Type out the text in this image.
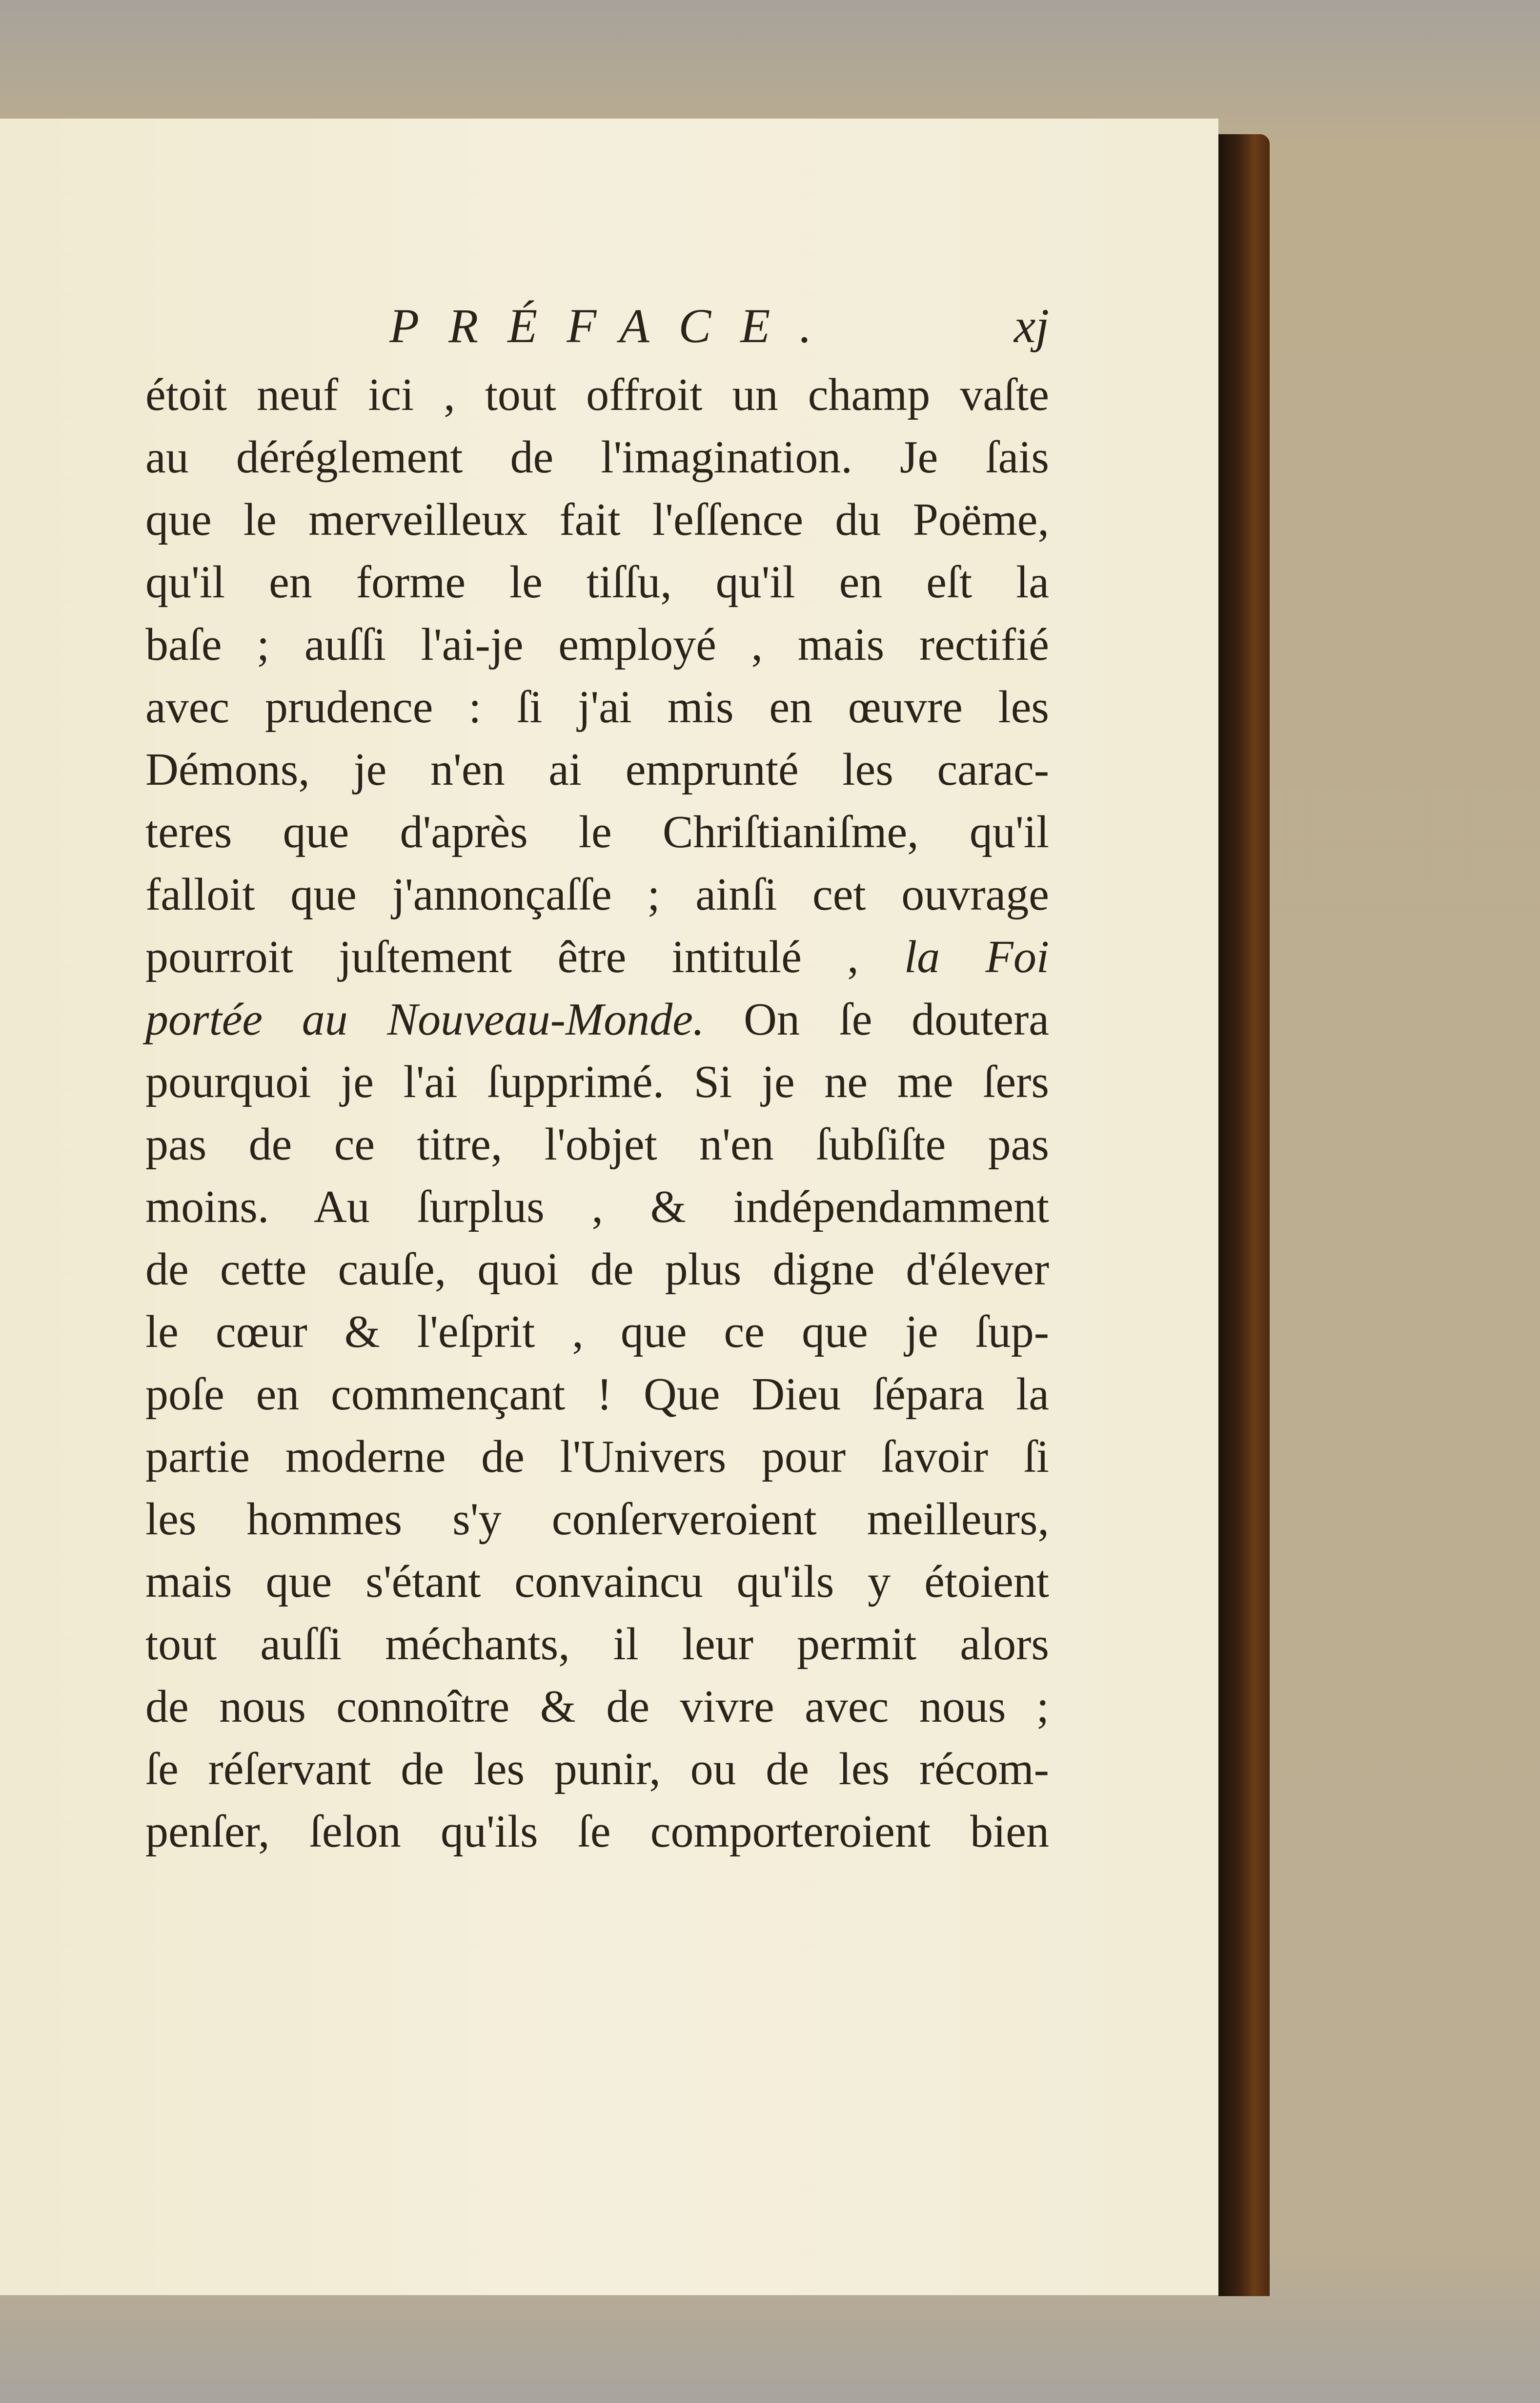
PRÉFACE.	xj
étoit neuf ici , tout offroit un champ vaſte
au déréglement de l'imagination. Je ſais
que le merveilleux fait l'eſſence du Poëme,
qu'il en forme le tiſſu, qu'il en eſt la
baſe ; auſſi l'ai-je employé , mais rectifié
avec prudence : ſi j'ai mis en œuvre les
Démons, je n'en ai emprunté les carac-
teres que d'après le Chriſtianiſme, qu'il
falloit que j'annonçaſſe ; ainſi cet ouvrage
pourroit juſtement être intitulé , la Foi
portée au Nouveau-Monde. On ſe doutera
pourquoi je l'ai ſupprimé. Si je ne me ſers
pas de ce titre, l'objet n'en ſubſiſte pas
moins. Au ſurplus , & indépendamment
de cette cauſe, quoi de plus digne d'élever
le cœur & l'eſprit , que ce que je ſup-
poſe en commençant ! Que Dieu ſépara la
partie moderne de l'Univers pour ſavoir ſi
les hommes s'y conſerveroient meilleurs,
mais que s'étant convaincu qu'ils y étoient
tout auſſi méchants, il leur permit alors
de nous connoître & de vivre avec nous ;
ſe réſervant de les punir, ou de les récom-
penſer, ſelon qu'ils ſe comporteroient bien
